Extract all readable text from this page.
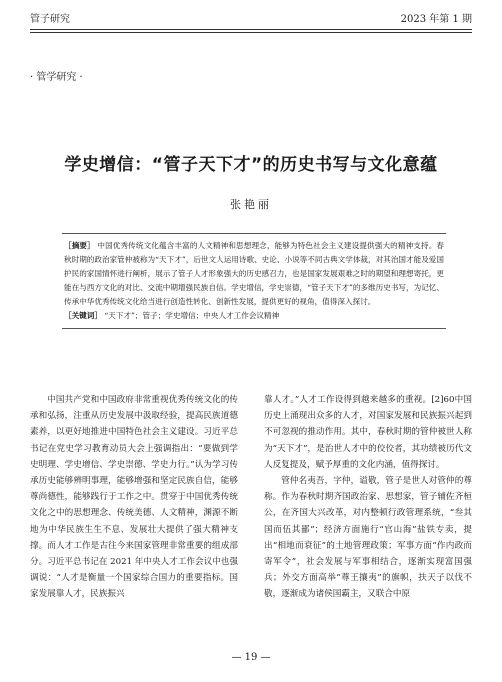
管子研究	2023 年第 1 期
· 管学研究 ·
学史增信：“管子天下才”的历史书写与文化意蕴
张艳丽

［摘要］ 中国优秀传统文化蕴含丰富的人文精神和思想理念，能够为特色社会主义建设提供强大的精神支持。春秋时期的政治家管仲被称为“天下才”，后世文人运用诗歌、史论、小说等不同古典文学体裁，对其治国才能及爱国护民的家国情怀进行阐析，展示了管子人才形象强大的历史感召力，也是国家发展艰难之时的期望和理想寄托，更能在与西方文化的对比、交流中期增强民族自信。学史增信，学史崇德，“管子天下才”的多维历史书写，为记忆、传承中华优秀传统文化给当进行创造性转化、创新性发展，提供更好的视角，值得深入探讨。

［关键词］ “天下才”；管子；学史增信；中央人才工作会议精神

中国共产党和中国政府非常重视优秀传统文化的传承和弘扬，注重从历史发展中汲取经验，提高民族道德素养，以更好地推进中国特色社会主义建设。习近平总书记在党史学习教育动员大会上强调指出：“要做到学史明理、学史增信、学史崇德、学史力行。”认为学习传承历史能够辨明事理，能够增强和坚定民族自信，能够尊尚德性，能够践行于工作之中。贯穿于中国优秀传统文化之中的思想理念、传统美德、人文精神，渊源不断地为中华民族生生不息、发展壮大提供了强大精神支撑。而人才工作是古往今来国家管理非常重要的组成部分。习近平总书记在 2021 年中央人才工作会议中也强调说：“人才是衡量一个国家综合国力的重要指标。国家发展靠人才，民族振兴

靠人才。”人才工作设得到越来越多的重视。[2]60中国历史上涌现出众多的人才，对国家发展和民族振兴起到不可忽视的推动作用。其中，春秋时期的管仲被世人称为“天下才”，是治世人才中的佼佼者，其功绩被历代文人反复提及，赋予厚重的文化内涵，值得探讨。

管仲名夷吾，字仲，谥敬，管子是世人对管仲的尊称。作为春秋时期齐国政治家、思想家，管子辅佐齐桓公，在齐国大兴改革，对内整顿行政管理系统，“叁其国而伍其鄙”；经济方面施行“官山海”盐铁专卖，提出“相地而衰征”的土地管理政策；军事方面“作内政而寄军令”，社会发展与军事相结合，逐渐实现富国强兵；外交方面高举“尊王攘夷”的旗帜，扶天子以伐不敬，逐渐成为诸侯国霸主，又联合中原

— 19 —
